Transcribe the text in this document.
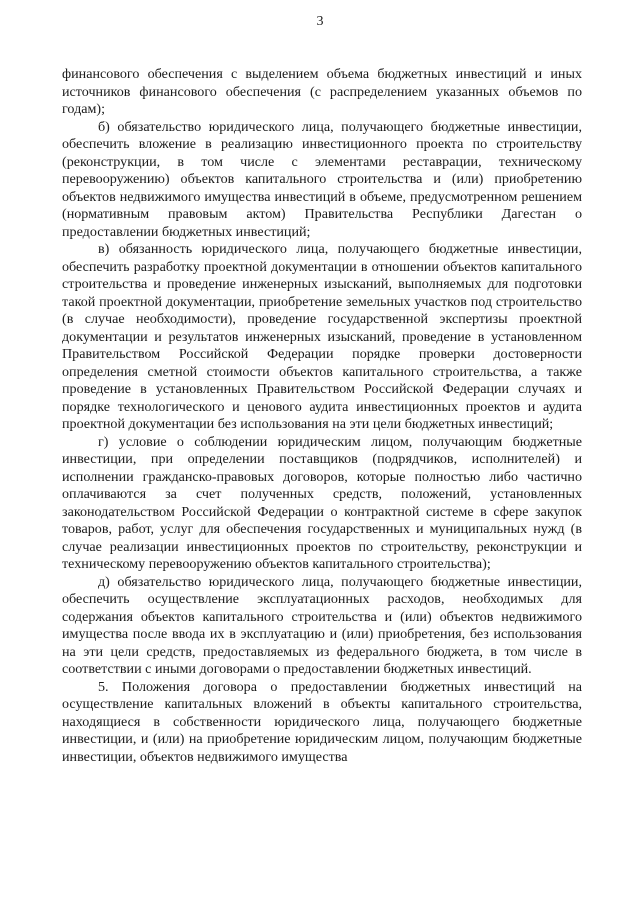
3

финансового обеспечения с выделением объема бюджетных инвестиций и иных источников финансового обеспечения (с распределением указанных объемов по годам);

б) обязательство юридического лица, получающего бюджетные инвестиции, обеспечить вложение в реализацию инвестиционного проекта по строительству (реконструкции, в том числе с элементами реставрации, техническому перевооружению) объектов капитального строительства и (или) приобретению объектов недвижимого имущества инвестиций в объеме, предусмотренном решением (нормативным правовым актом) Правительства Республики Дагестан о предоставлении бюджетных инвестиций;

в) обязанность юридического лица, получающего бюджетные инвестиции, обеспечить разработку проектной документации в отношении объектов капитального строительства и проведение инженерных изысканий, выполняемых для подготовки такой проектной документации, приобретение земельных участков под строительство (в случае необходимости), проведение государственной экспертизы проектной документации и результатов инженерных изысканий, проведение в установленном Правительством Российской Федерации порядке проверки достоверности определения сметной стоимости объектов капитального строительства, а также проведение в установленных Правительством Российской Федерации случаях и порядке технологического и ценового аудита инвестиционных проектов и аудита проектной документации без использования на эти цели бюджетных инвестиций;

г) условие о соблюдении юридическим лицом, получающим бюджетные инвестиции, при определении поставщиков (подрядчиков, исполнителей) и исполнении гражданско-правовых договоров, которые полностью либо частично оплачиваются за счет полученных средств, положений, установленных законодательством Российской Федерации о контрактной системе в сфере закупок товаров, работ, услуг для обеспечения государственных и муниципальных нужд (в случае реализации инвестиционных проектов по строительству, реконструкции и техническому перевооружению объектов капитального строительства);

д) обязательство юридического лица, получающего бюджетные инвестиции, обеспечить осуществление эксплуатационных расходов, необходимых для содержания объектов капитального строительства и (или) объектов недвижимого имущества после ввода их в эксплуатацию и (или) приобретения, без использования на эти цели средств, предоставляемых из федерального бюджета, в том числе в соответствии с иными договорами о предоставлении бюджетных инвестиций.

5. Положения договора о предоставлении бюджетных инвестиций на осуществление капитальных вложений в объекты капитального строительства, находящиеся в собственности юридического лица, получающего бюджетные инвестиции, и (или) на приобретение юридическим лицом, получающим бюджетные инвестиции, объектов недвижимого имущества
